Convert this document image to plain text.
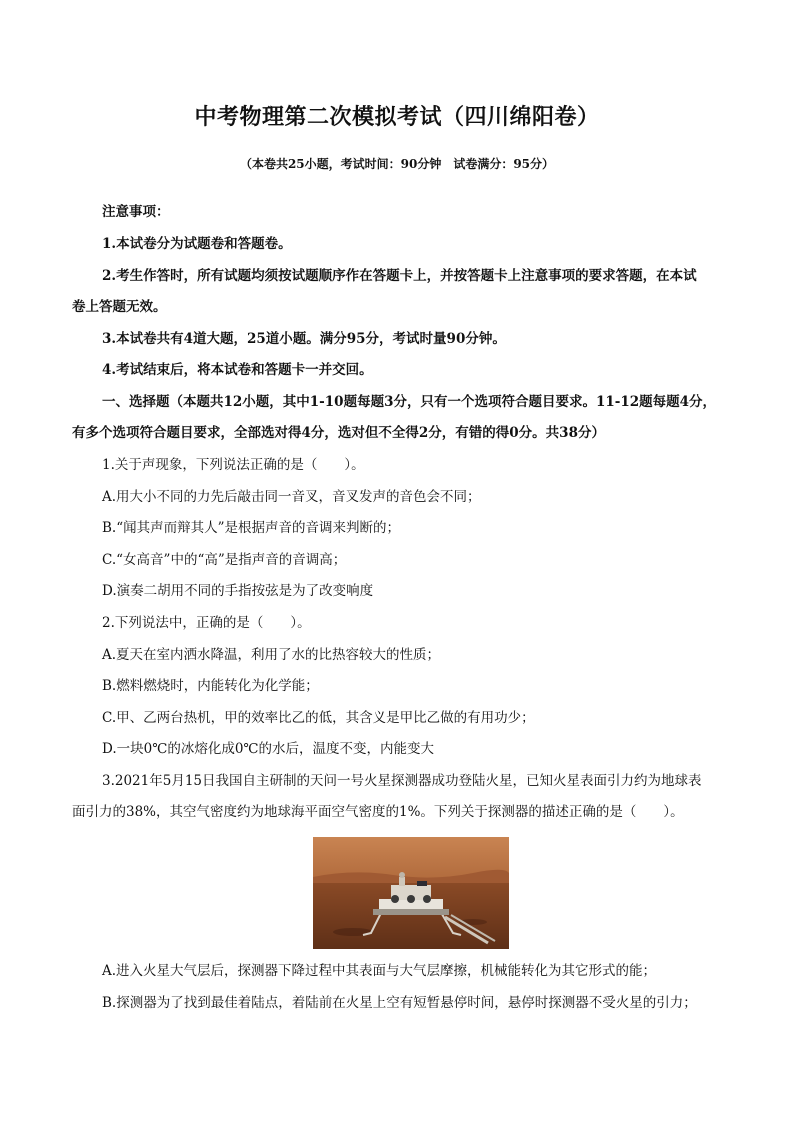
中考物理第二次模拟考试（四川绵阳卷）
（本卷共25小题，考试时间：90分钟　试卷满分：95分）
注意事项：
1.本试卷分为试题卷和答题卷。
2.考生作答时，所有试题均须按试题顺序作在答题卡上，并按答题卡上注意事项的要求答题，在本试
卷上答题无效。
3.本试卷共有4道大题，25道小题。满分95分，考试时量90分钟。
4.考试结束后，将本试卷和答题卡一并交回。
一、选择题（本题共12小题，其中1-10题每题3分，只有一个选项符合题目要求。11-12题每题4分，
有多个选项符合题目要求，全部选对得4分，选对但不全得2分，有错的得0分。共38分）
1.关于声现象，下列说法正确的是（　　）。
A.用大小不同的力先后敲击同一音叉，音叉发声的音色会不同；
B.“闻其声而辩其人”是根据声音的音调来判断的；
C.“女高音”中的“高”是指声音的音调高；
D.演奏二胡用不同的手指按弦是为了改变响度
2.下列说法中，正确的是（　　）。
A.夏天在室内洒水降温，利用了水的比热容较大的性质；
B.燃料燃烧时，内能转化为化学能；
C.甲、乙两台热机，甲的效率比乙的低，其含义是甲比乙做的有用功少；
D.一块0℃的冰熔化成0℃的水后，温度不变，内能变大
3.2021年5月15日我国自主研制的天问一号火星探测器成功登陆火星，已知火星表面引力约为地球表
面引力的38%，其空气密度约为地球海平面空气密度的1%。下列关于探测器的描述正确的是（　　）。
A.进入火星大气层后，探测器下降过程中其表面与大气层摩擦，机械能转化为其它形式的能；
B.探测器为了找到最佳着陆点，着陆前在火星上空有短暂悬停时间，悬停时探测器不受火星的引力；
